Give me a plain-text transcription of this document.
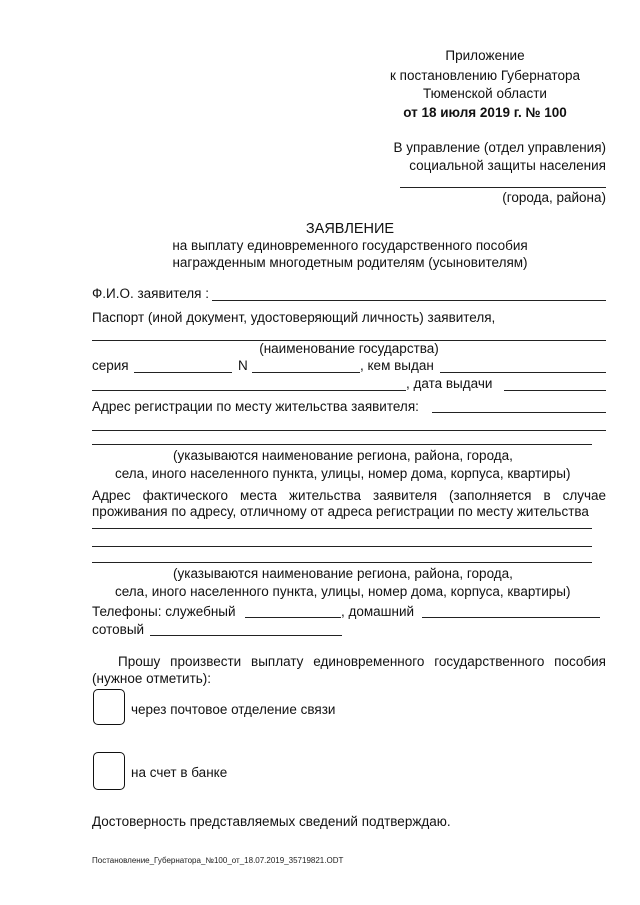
Приложение
к постановлению Губернатора
Тюменской области
от 18 июля 2019 г. № 100
В управление (отдел управления)
социальной защиты населения
(города, района)
ЗАЯВЛЕНИЕ
на выплату единовременного государственного пособия
награжденным многодетным родителям (усыновителям)
Ф.И.О. заявителя :
Паспорт (иной документ, удостоверяющий личность) заявителя,
(наименование государства)
серия	N	, кем выдан
, дата выдачи
Адрес регистрации по месту жительства заявителя:
(указываются наименование региона, района, города,
села, иного населенного пункта, улицы, номер дома, корпуса, квартиры)
Адрес фактического места жительства заявителя (заполняется в случае
проживания по адресу, отличному от адреса регистрации по месту жительства
(указываются наименование региона, района, города,
села, иного населенного пункта, улицы, номер дома, корпуса, квартиры)
Телефоны: служебный	, домашний
сотовый
Прошу произвести выплату единовременного государственного пособия
(нужное отметить):
через почтовое отделение связи
на счет в банке
Достоверность представляемых сведений подтверждаю.
Постановление_Губернатора_№100_от_18.07.2019_35719821.ODT
